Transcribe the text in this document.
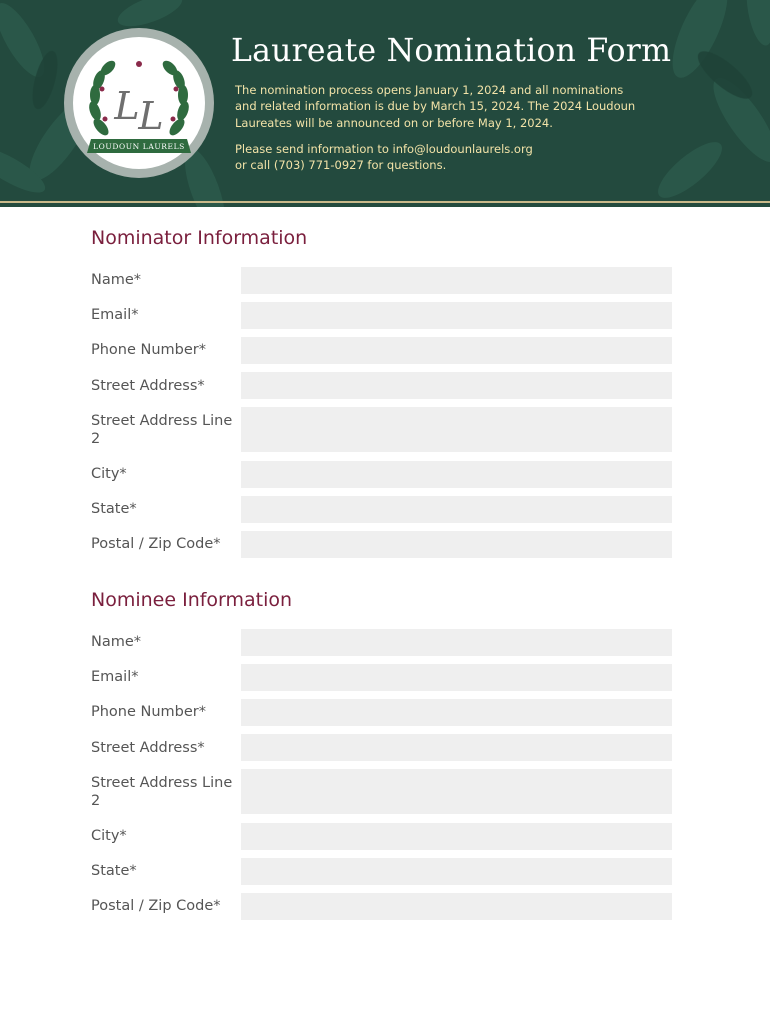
L
L
LOUDOUN LAURELS
Laureate Nomination Form

The nomination process opens January 1, 2024 and all nominations
and related information is due by March 15, 2024. The 2024 Loudoun
Laureates will be announced on or before May 1, 2024.

Please send information to info@loudounlaurels.org
or call (703) 771-0927 for questions.

Nominator Information
Name*
Email*
Phone Number*
Street Address*
Street Address Line 2
City*
State*
Postal / Zip Code*
Nominee Information
Name*
Email*
Phone Number*
Street Address*
Street Address Line 2
City*
State*
Postal / Zip Code*
